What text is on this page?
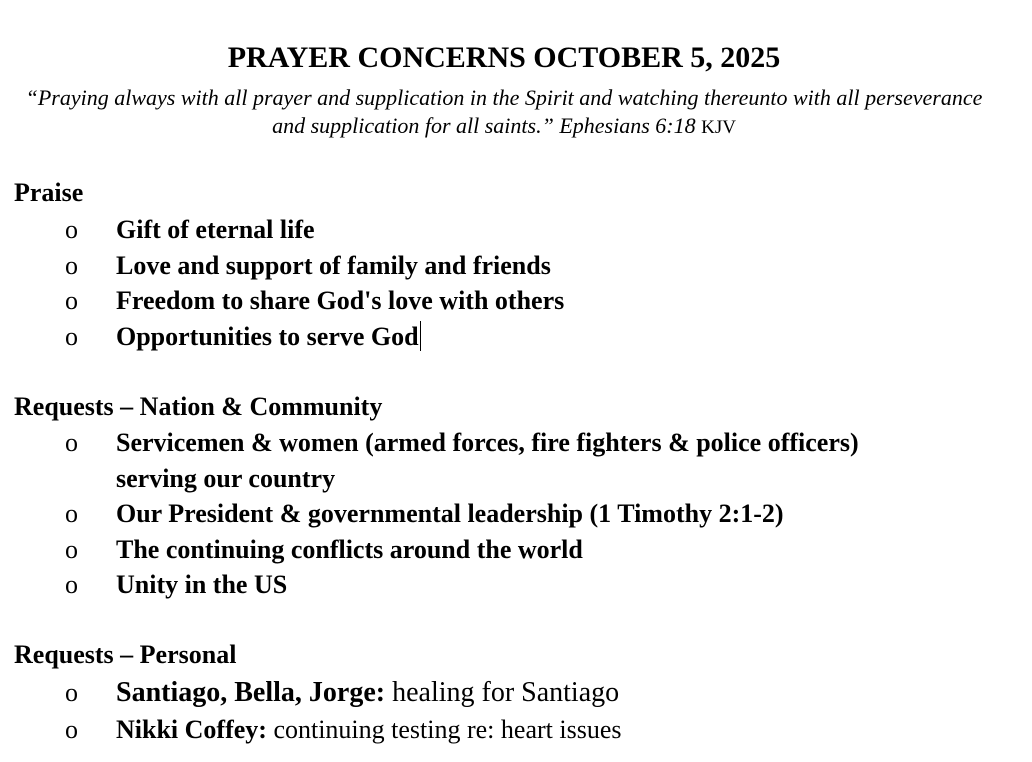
PRAYER CONCERNS OCTOBER 5, 2025

“Praying always with all prayer and supplication in the Spirit and watching thereunto with all perseverance and supplication for all saints.” Ephesians 6:18 KJV

Praise
o Gift of eternal life
o Love and support of family and friends
o Freedom to share God's love with others
o Opportunities to serve God
Requests – Nation & Community
o Servicemen & women (armed forces, fire fighters & police officers) serving our country
o Our President & governmental leadership (1 Timothy 2:1-2)
o The continuing conflicts around the world
o Unity in the US
Requests – Personal
o Santiago, Bella, Jorge: healing for Santiago
o Nikki Coffey: continuing testing re: heart issues
